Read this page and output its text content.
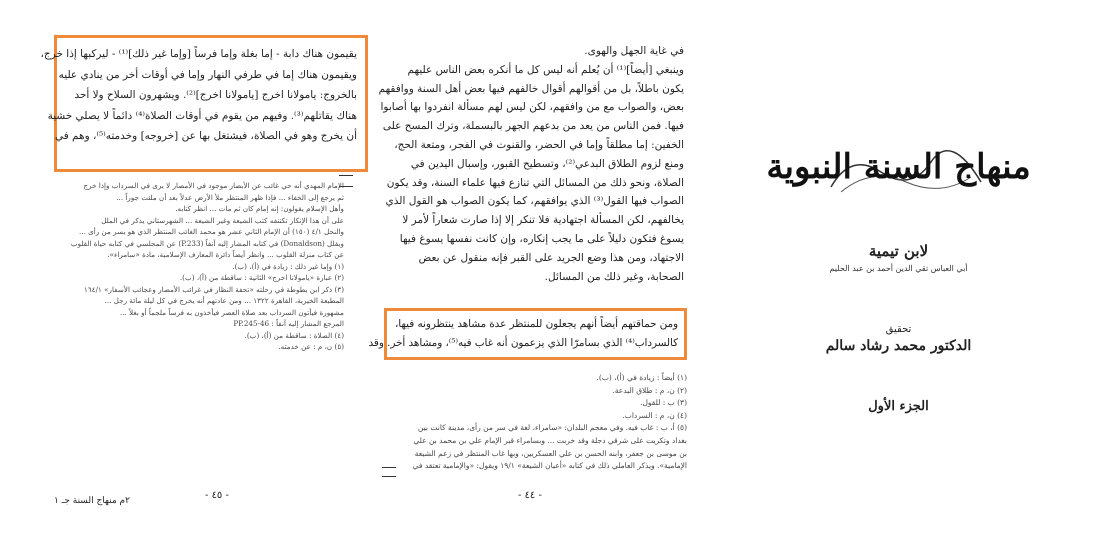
يقيمون هناك دابة - إما بغلة وإما فرساً [وإما غير ذلك]⁽¹⁾ - ليركبها إذا خرج،
ويقيمون هناك إما في طرفي النهار وإما في أوقات أخر من ينادي عليه
بالخروج: يامولانا اخرج [يامولانا اخرج]⁽²⁾. ويشهرون السلاح ولا أحد
هناك يقاتلهم⁽³⁾. وفيهم من يقوم في أوقات الصلاة⁽⁴⁾ دائماً لا يصلي خشية
أن يخرج وهو في الصلاة، فيشتغل بها عن [خروجه] وخدمته⁽⁵⁾، وهم في
الإمام المهدي أنه حي غائب عن الأبصار موجود في الأمصار لا يرى في السرداب وإذا خرج
ثم يرجع إلى الخفاء ... فإذا ظهر المنتظر ملأ الأرض عدلاً بعد أن ملئت جوراً ...
وأهل الإسلام يقولون: إنه إمام كان ثم مات ... انظر كتابه.
على أن هذا الإنكار تكتنفه كتب الشيعة وغير الشيعة ... الشهرستاني يذكر في الملل
والنحل ٤/١ (١٥٠) أن الإمام الثاني عشر هو محمد الغائب المنتظر الذي هو بسر من رأى ...
ويقلل (Donaldson) في كتابه المشار إليه آنفاً (P.233) عن المجلسي في كتابه حياة القلوب
عن كتاب منزلة القلوب ... وانظر أيضاً دائرة المعارف الإسلامية، مادة «سامراء».
(١) وإما غير ذلك : زيادة في (أ)، (ب).
(٢) عبارة «يامولانا اخرج» الثانية : ساقطة من (أ)، (ب).
(٣) ذكر ابن بطوطة في رحلته «تحفة النظار في غرائب الأمصار وعجائب الأسفار» ١٦٤/١
المطبعة الخيرية، القاهرة ١٣٢٢ ... ومن عادتهم أنه يخرج في كل ليلة مائة رجل ...
مشهورة فيأتون السرداب بعد صلاة العصر فيأخذون به فرساً ملجماً أو بغلاً ...
المرجع المشار إليه آنفاً : PP.245-46
(٤) الصلاة : ساقطة من (أ)، (ب).
(٥) ن، م : عن خدمته.
- ٤٥ -
٢م منهاج السنة جـ ١
في غاية الجهل والهوى.
وينبغي [أيضاً]⁽¹⁾ أن يُعلم أنه ليس كل ما أنكره بعض الناس عليهم
يكون باطلاً، بل من أقوالهم أقوال خالفهم فيها بعض أهل السنة ووافقهم
بعض، والصواب مع من وافقهم، لكن ليس لهم مسألة انفردوا بها أصابوا
فيها. فمن الناس من يعد من بدعهم الجهر بالبسملة، وترك المسح على
الخفين: إما مطلقاً وإما في الحضر، والقنوت في الفجر، ومتعة الحج،
ومنع لزوم الطلاق البدعي⁽²⁾، وتسطيح القبور، وإسبال اليدين في
الصلاة، ونحو ذلك من المسائل التي تنازع فيها علماء السنة، وقد يكون
الصواب فيها القول⁽³⁾ الذي يوافقهم، كما يكون الصواب هو القول الذي
يخالفهم، لكن المسألة اجتهادية فلا تنكر إلا إذا صارت شعاراً لأمر لا
يسوغ فتكون دليلاً على ما يجب إنكاره، وإن كانت نفسها يسوغ فيها
الاجتهاد، ومن هذا وضع الجريد على القبر فإنه منقول عن بعض
الصحابة، وغير ذلك من المسائل.
ومن حماقتهم أيضاً أنهم يجعلون للمنتظر عدة مشاهد ينتظرونه فيها،
كالسرداب⁽⁴⁾ الذي بسامرّا الذي يزعمون أنه غاب فيه⁽⁵⁾، ومشاهد أخر. وقد
(١) أيضاً : زيادة في (أ)، (ب).
(٢) ن، م : طلاق البدعة.
(٣) ب : للقول.
(٤) ن، م : السرداب.
(٥) أ، ب : غاب فيه. وفي معجم البلدان: «سامراء، لغة في سر من رأى، مدينة كانت بين
بغداد وتكريت على شرقي دجلة وقد خربت ... وبسامراء قبر الإمام علي بن محمد بن علي
بن موسى بن جعفر، وابنه الحسن بن علي العسكريين، وبها غاب المنتظر في زعم الشيعة
الإمامية». ويذكر العاملي ذلك في كتابه «أعيان الشيعة» ١٩/١ ويقول: «والإمامية تعتقد في
- ٤٤ -
منهاج السنة النبوية
لابن تيمية
أبي العباس تقي الدين أحمد بن عبد الحليم
تحقيق
الدكتور محمد رشاد سالم
الجزء الأول
